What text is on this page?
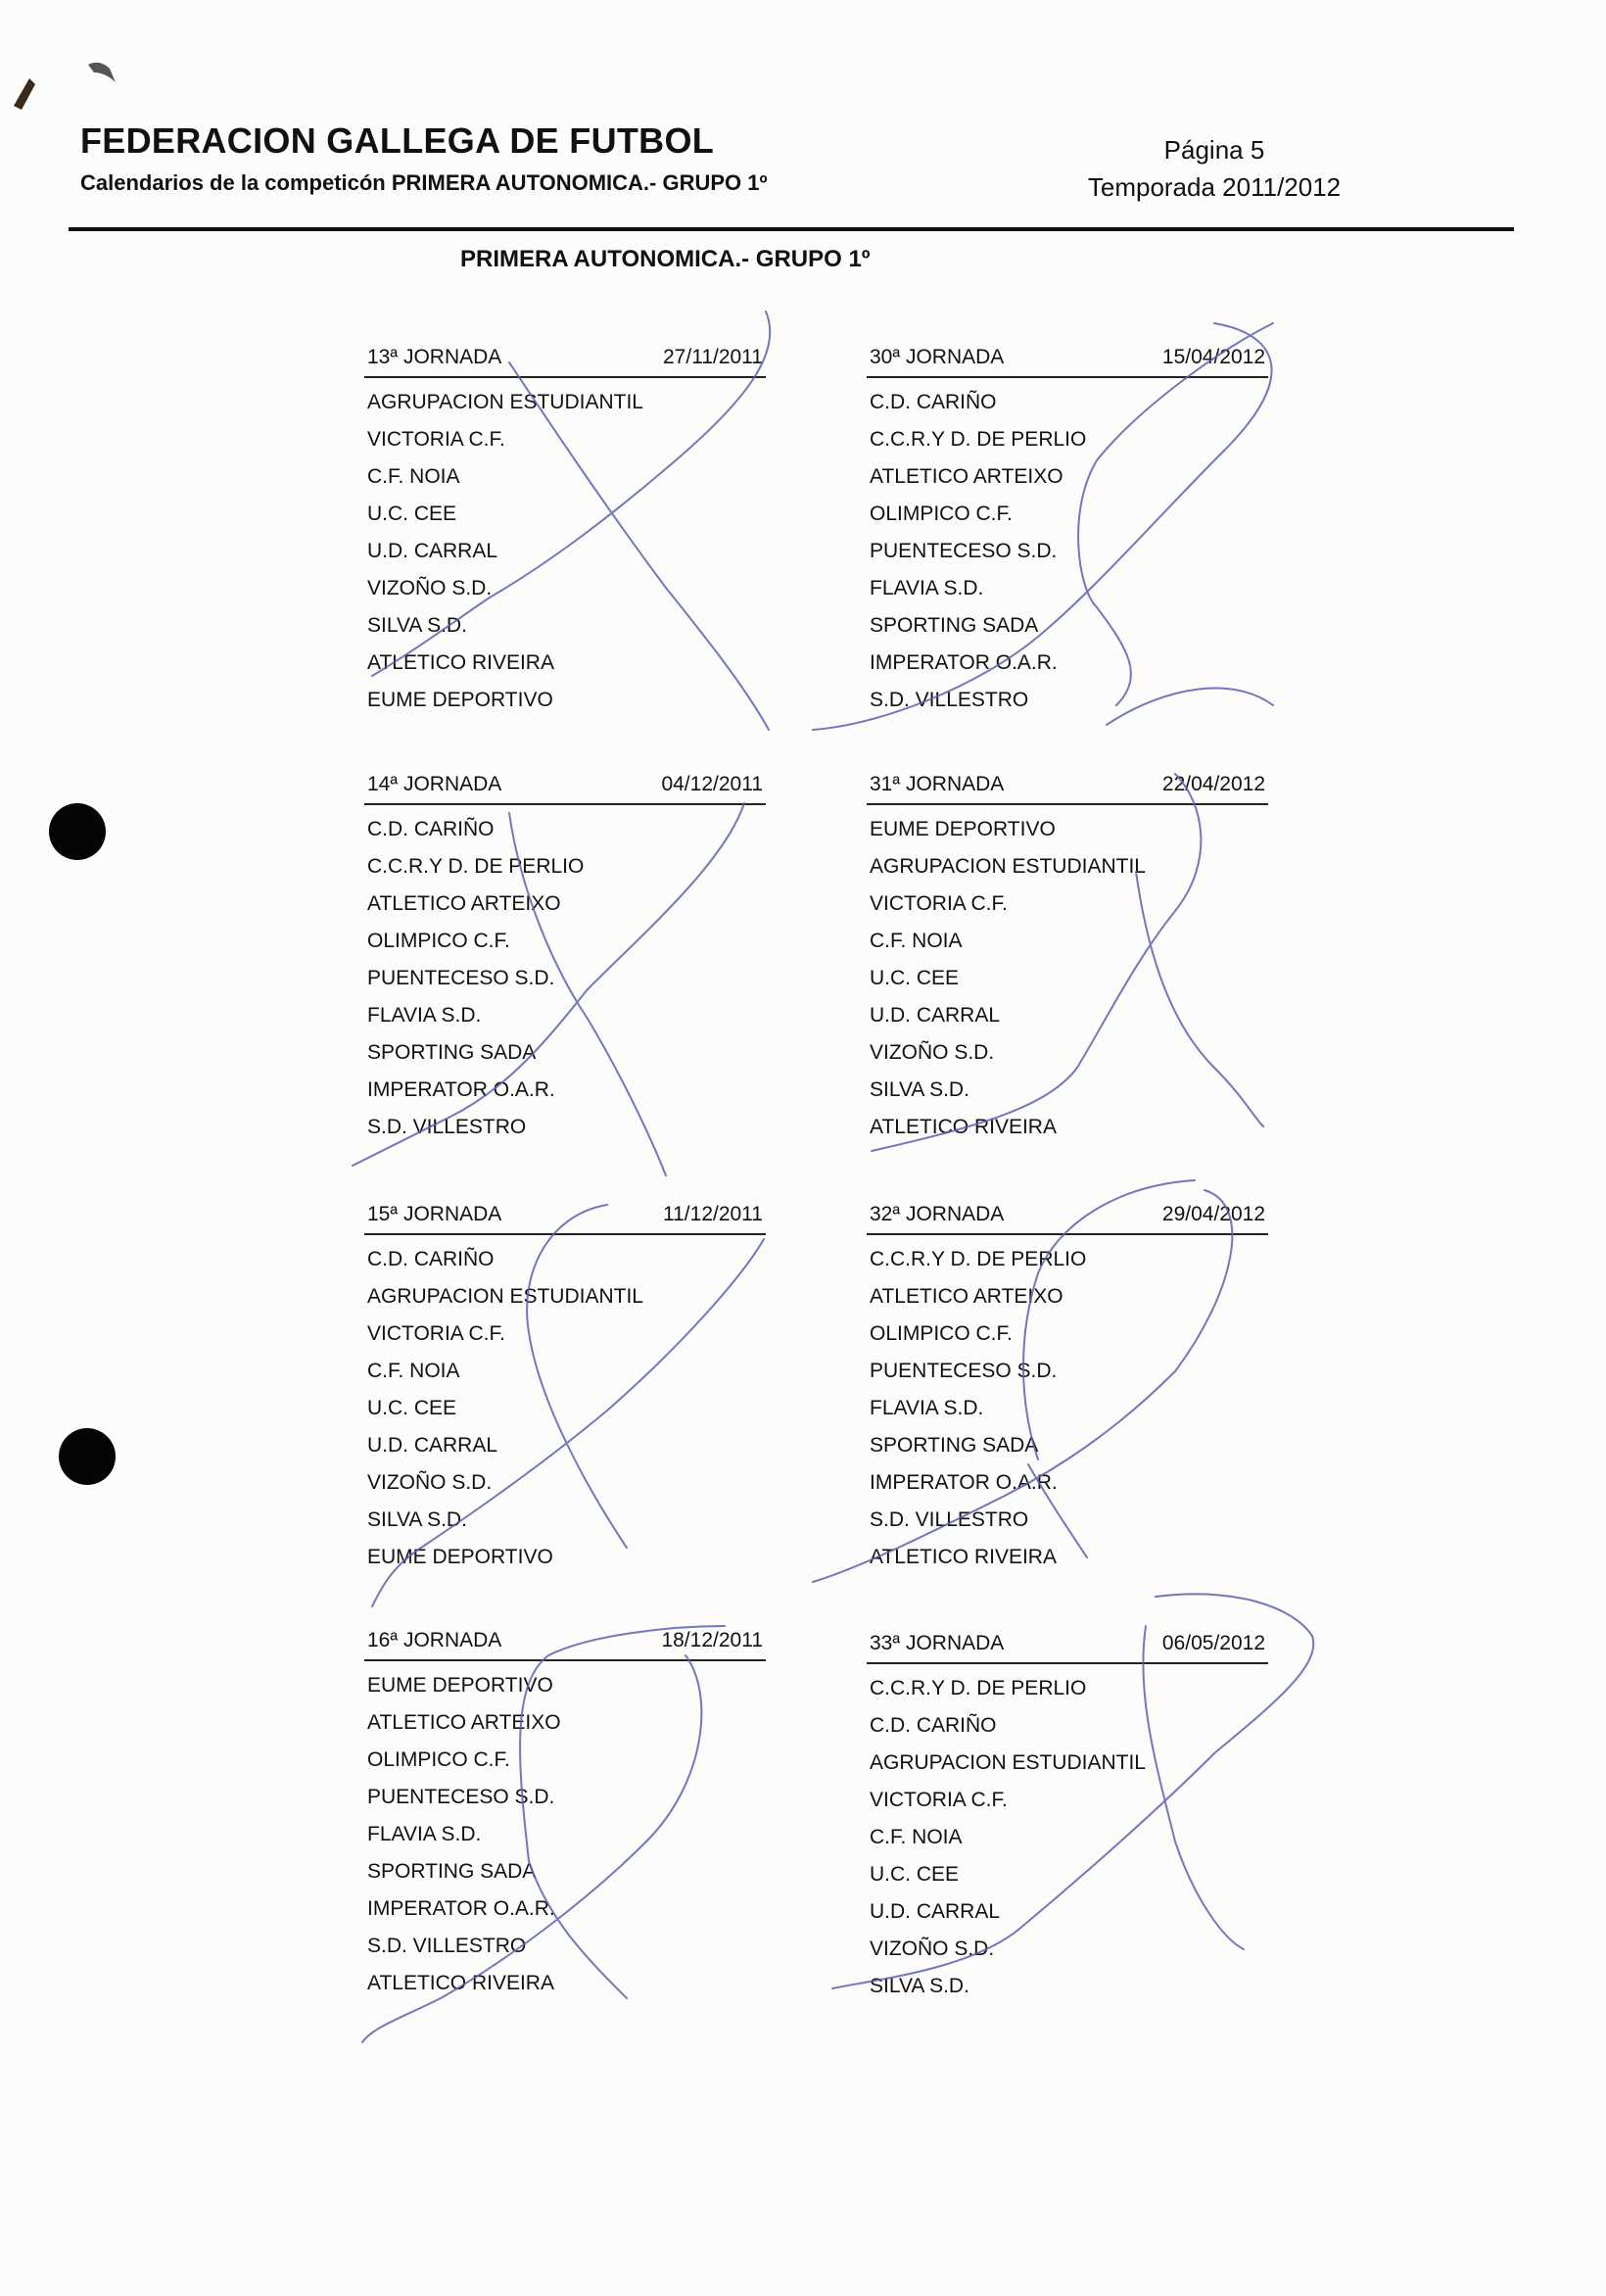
FEDERACION GALLEGA DE FUTBOL
Calendarios de la competicón PRIMERA AUTONOMICA.- GRUPO 1º
Página 5
Temporada 2011/2012
PRIMERA AUTONOMICA.- GRUPO 1º
13ª JORNADA	27/11/2011
AGRUPACION ESTUDIANTIL
VICTORIA C.F.
C.F. NOIA
U.C. CEE
U.D. CARRAL
VIZOÑO S.D.
SILVA S.D.
ATLETICO RIVEIRA
EUME DEPORTIVO
30ª JORNADA	15/04/2012
C.D. CARIÑO
C.C.R.Y D. DE PERLIO
ATLETICO ARTEIXO
OLIMPICO C.F.
PUENTECESO S.D.
FLAVIA S.D.
SPORTING SADA
IMPERATOR O.A.R.
S.D. VILLESTRO
14ª JORNADA	04/12/2011
C.D. CARIÑO
C.C.R.Y D. DE PERLIO
ATLETICO ARTEIXO
OLIMPICO C.F.
PUENTECESO S.D.
FLAVIA S.D.
SPORTING SADA
IMPERATOR O.A.R.
S.D. VILLESTRO
31ª JORNADA	22/04/2012
EUME DEPORTIVO
AGRUPACION ESTUDIANTIL
VICTORIA C.F.
C.F. NOIA
U.C. CEE
U.D. CARRAL
VIZOÑO S.D.
SILVA S.D.
ATLETICO RIVEIRA
15ª JORNADA	11/12/2011
C.D. CARIÑO
AGRUPACION ESTUDIANTIL
VICTORIA C.F.
C.F. NOIA
U.C. CEE
U.D. CARRAL
VIZOÑO S.D.
SILVA S.D.
EUME DEPORTIVO
32ª JORNADA	29/04/2012
C.C.R.Y D. DE PERLIO
ATLETICO ARTEIXO
OLIMPICO C.F.
PUENTECESO S.D.
FLAVIA S.D.
SPORTING SADA
IMPERATOR O.A.R.
S.D. VILLESTRO
ATLETICO RIVEIRA
16ª JORNADA	18/12/2011
EUME DEPORTIVO
ATLETICO ARTEIXO
OLIMPICO C.F.
PUENTECESO S.D.
FLAVIA S.D.
SPORTING SADA
IMPERATOR O.A.R.
S.D. VILLESTRO
ATLETICO RIVEIRA
33ª JORNADA	06/05/2012
C.C.R.Y D. DE PERLIO
C.D. CARIÑO
AGRUPACION ESTUDIANTIL
VICTORIA C.F.
C.F. NOIA
U.C. CEE
U.D. CARRAL
VIZOÑO S.D.
SILVA S.D.
